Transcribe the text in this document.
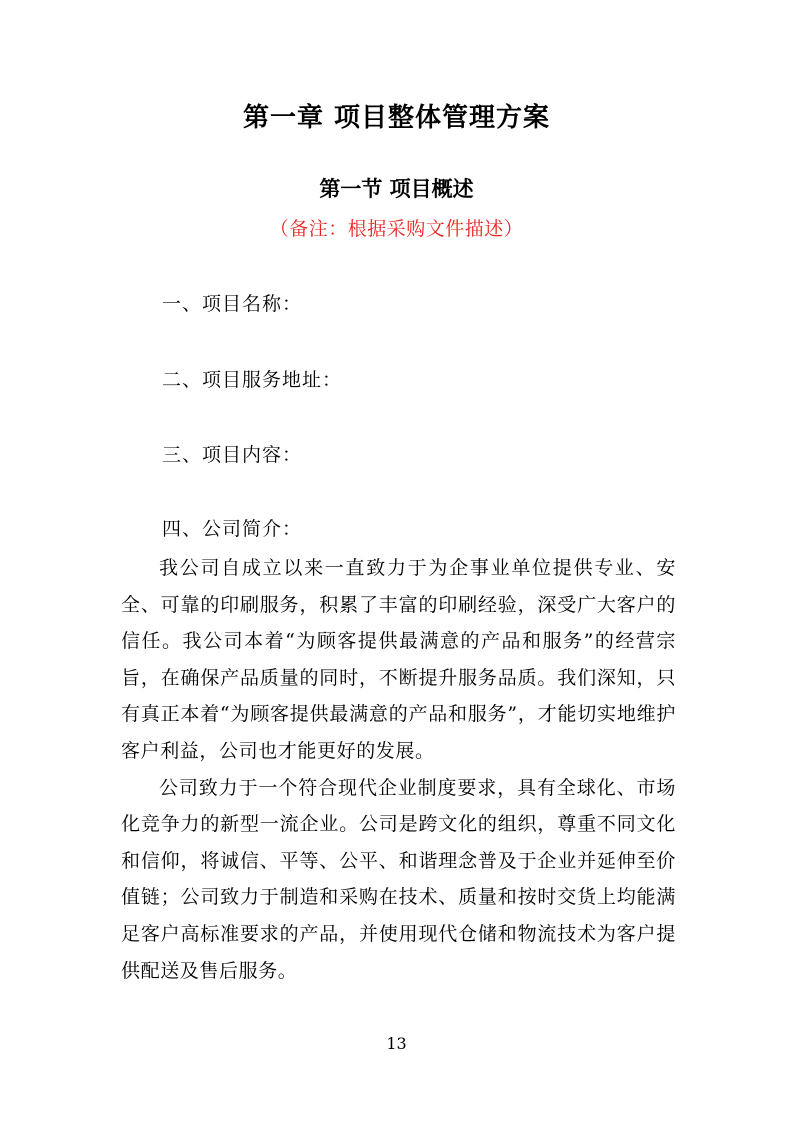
第一章 项目整体管理方案
第一节 项目概述
（备注：根据采购文件描述）
一、项目名称：
二、项目服务地址：
三、项目内容：
四、公司简介：

我公司自成立以来一直致力于为企事业单位提供专业、安全、可靠的印刷服务，积累了丰富的印刷经验，深受广大客户的信任。我公司本着“为顾客提供最满意的产品和服务”的经营宗旨，在确保产品质量的同时，不断提升服务品质。我们深知，只有真正本着“为顾客提供最满意的产品和服务”，才能切实地维护客户利益，公司也才能更好的发展。

公司致力于一个符合现代企业制度要求，具有全球化、市场化竞争力的新型一流企业。公司是跨文化的组织，尊重不同文化和信仰，将诚信、平等、公平、和谐理念普及于企业并延伸至价值链；公司致力于制造和采购在技术、质量和按时交货上均能满足客户高标准要求的产品，并使用现代仓储和物流技术为客户提供配送及售后服务。

13
